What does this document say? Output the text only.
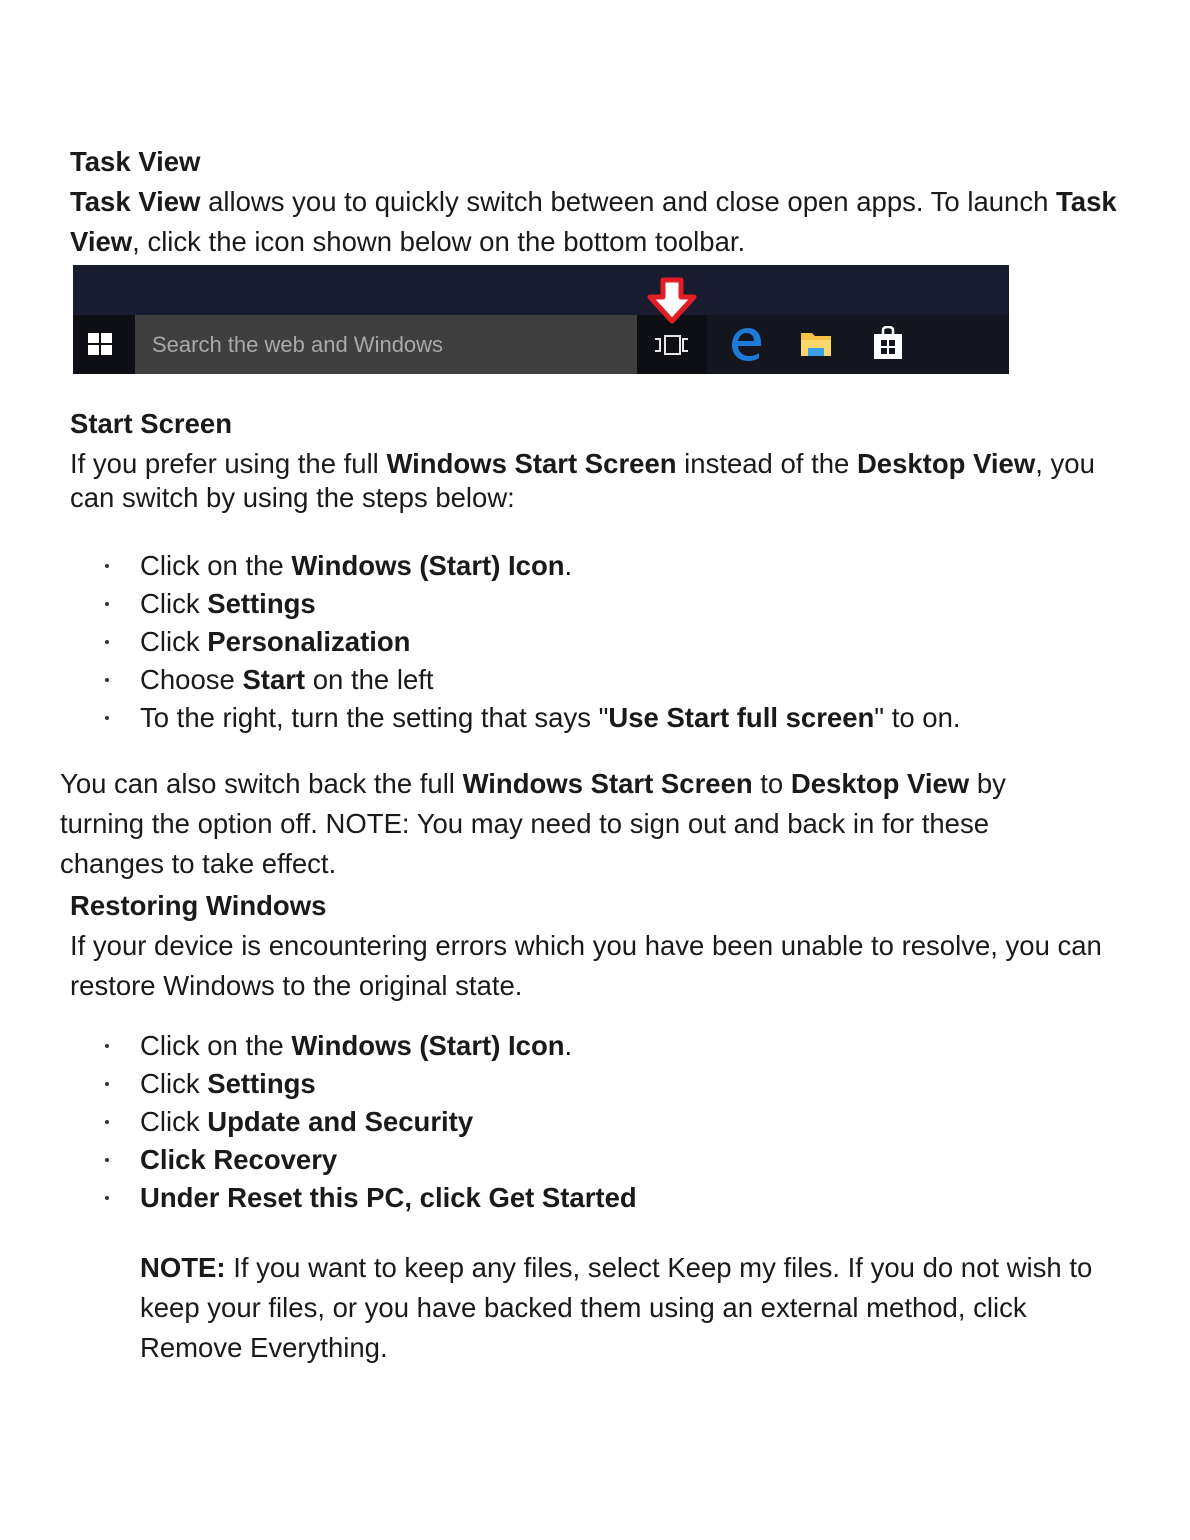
Task View
Task View allows you to quickly switch between and close open apps. To launch Task View, click the icon shown below on the bottom toolbar.
Search the web and Windows
Start Screen
If you prefer using the full Windows Start Screen instead of the Desktop View, you can switch by using the steps below:
Click on the Windows (Start) Icon.
Click Settings
Click Personalization
Choose Start on the left
To the right, turn the setting that says "Use Start full screen" to on.
You can also switch back the full Windows Start Screen to Desktop View by turning the option off. NOTE: You may need to sign out and back in for these changes to take effect.
Restoring Windows
If your device is encountering errors which you have been unable to resolve, you can restore Windows to the original state.
Click on the Windows (Start) Icon.
Click Settings
Click Update and Security
Click Recovery
Under Reset this PC, click Get Started
NOTE: If you want to keep any files, select Keep my files. If you do not wish to keep your files, or you have backed them using an external method, click Remove Everything.
